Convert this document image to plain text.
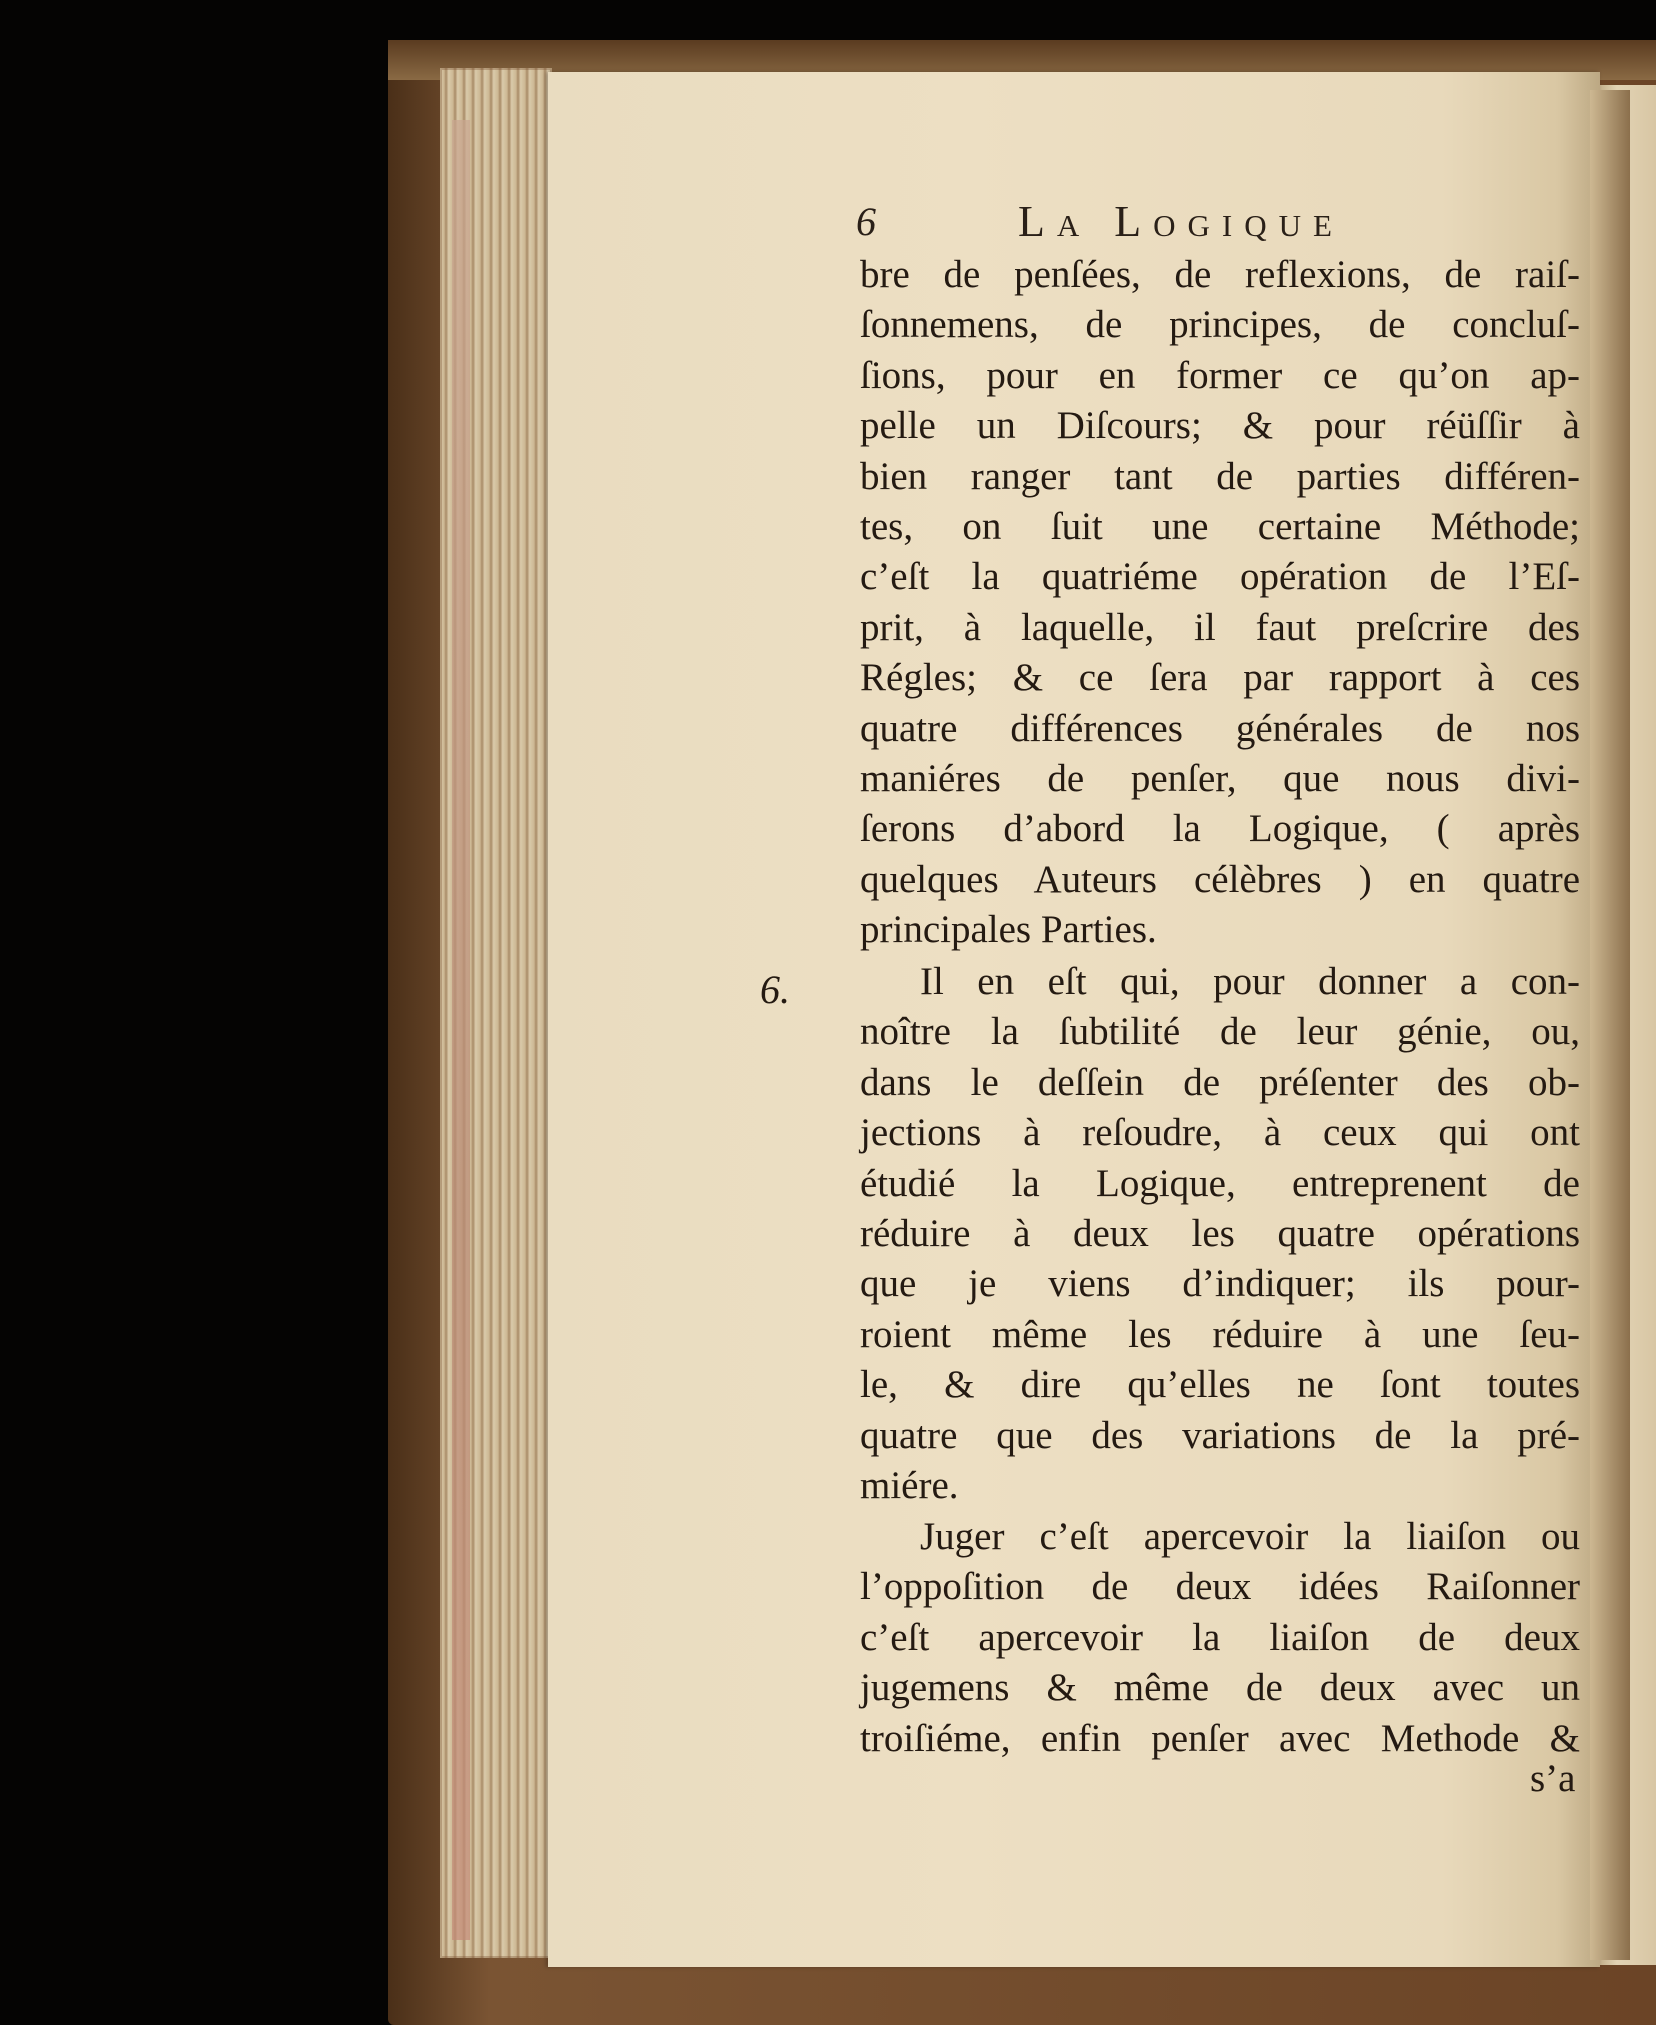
6	La Logique
bre de penſées, de reflexions, de raiſ-
ſonnemens, de principes, de concluſ-
ſions, pour en former ce qu’on ap-
pelle un Diſcours; & pour réüſſir à
bien ranger tant de parties différen-
tes, on ſuit une certaine Méthode;
c’eſt la quatriéme opération de l’Eſ-
prit, à laquelle, il faut preſcrire des
Régles; & ce ſera par rapport à ces
quatre différences générales de nos
maniéres de penſer, que nous divi-
ſerons d’abord la Logique, ( après
quelques Auteurs célèbres ) en quatre
principales Parties.
6.	Il en eſt qui, pour donner a con-
noître la ſubtilité de leur génie, ou,
dans le deſſein de préſenter des ob-
jections à reſoudre, à ceux qui ont
étudié la Logique, entreprenent de
réduire à deux les quatre opérations
que je viens d’indiquer; ils pour-
roient même les réduire à une ſeu-
le, & dire qu’elles ne ſont toutes
quatre que des variations de la pré-
miére.
Juger c’eſt apercevoir la liaiſon ou
l’oppoſition de deux idées Raiſonner
c’eſt apercevoir la liaiſon de deux
jugemens & même de deux avec un
troiſiéme, enfin penſer avec Methode &
s’a
